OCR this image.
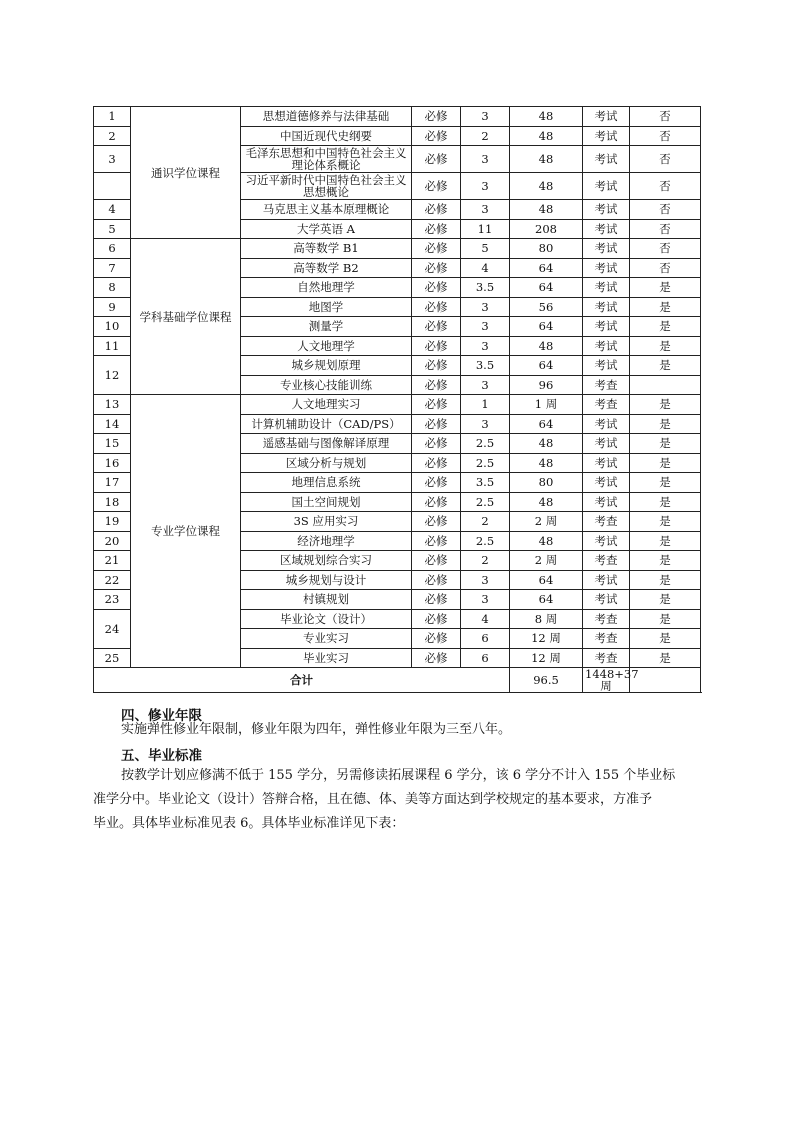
1	通识学位课程	思想道德修养与法律基础	必修	3	48	考试	否
2		中国近现代史纲要	必修	2	48	考试	否
3		毛泽东思想和中国特色社会主义理论体系概论	必修	3	48	考试	否
		习近平新时代中国特色社会主义思想概论	必修	3	48	考试	否
4		马克思主义基本原理概论	必修	3	48	考试	否
5		大学英语 A	必修	11	208	考试	否
6	学科基础学位课程	高等数学 B1	必修	5	80	考试	否
7		高等数学 B2	必修	4	64	考试	否
8		自然地理学	必修	3.5	64	考试	是
9		地图学	必修	3	56	考试	是
10		测量学	必修	3	64	考试	是
11		人文地理学	必修	3	48	考试	是
12		城乡规划原理	必修	3.5	64	考试	是
		专业核心技能训练	必修	3	96	考查	
13	专业学位课程	人文地理实习	必修	1	1 周	考查	是
14		计算机辅助设计（CAD/PS）	必修	3	64	考试	是
15		遥感基础与图像解译原理	必修	2.5	48	考试	是
16		区域分析与规划	必修	2.5	48	考试	是
17		地理信息系统	必修	3.5	80	考试	是
18		国土空间规划	必修	2.5	48	考试	是
19		3S 应用实习	必修	2	2 周	考查	是
20		经济地理学	必修	2.5	48	考试	是
21		区域规划综合实习	必修	2	2 周	考查	是
22		城乡规划与设计	必修	3	64	考试	是
23		村镇规划	必修	3	64	考试	是
24		毕业论文（设计）	必修	4	8 周	考查	是
		专业实习	必修	6	12 周	考查	是
25		毕业实习	必修	6	12 周	考查	是
合计					96.5	1448+37 周	
四、修业年限
实施弹性修业年限制，修业年限为四年，弹性修业年限为三至八年。
五、毕业标准
按教学计划应修满不低于 155 学分，另需修读拓展课程 6 学分，该 6 学分不计入 155 个毕业标
准学分中。毕业论文（设计）答辩合格，且在德、体、美等方面达到学校规定的基本要求，方准予
毕业。具体毕业标准见表 6。具体毕业标准详见下表：
